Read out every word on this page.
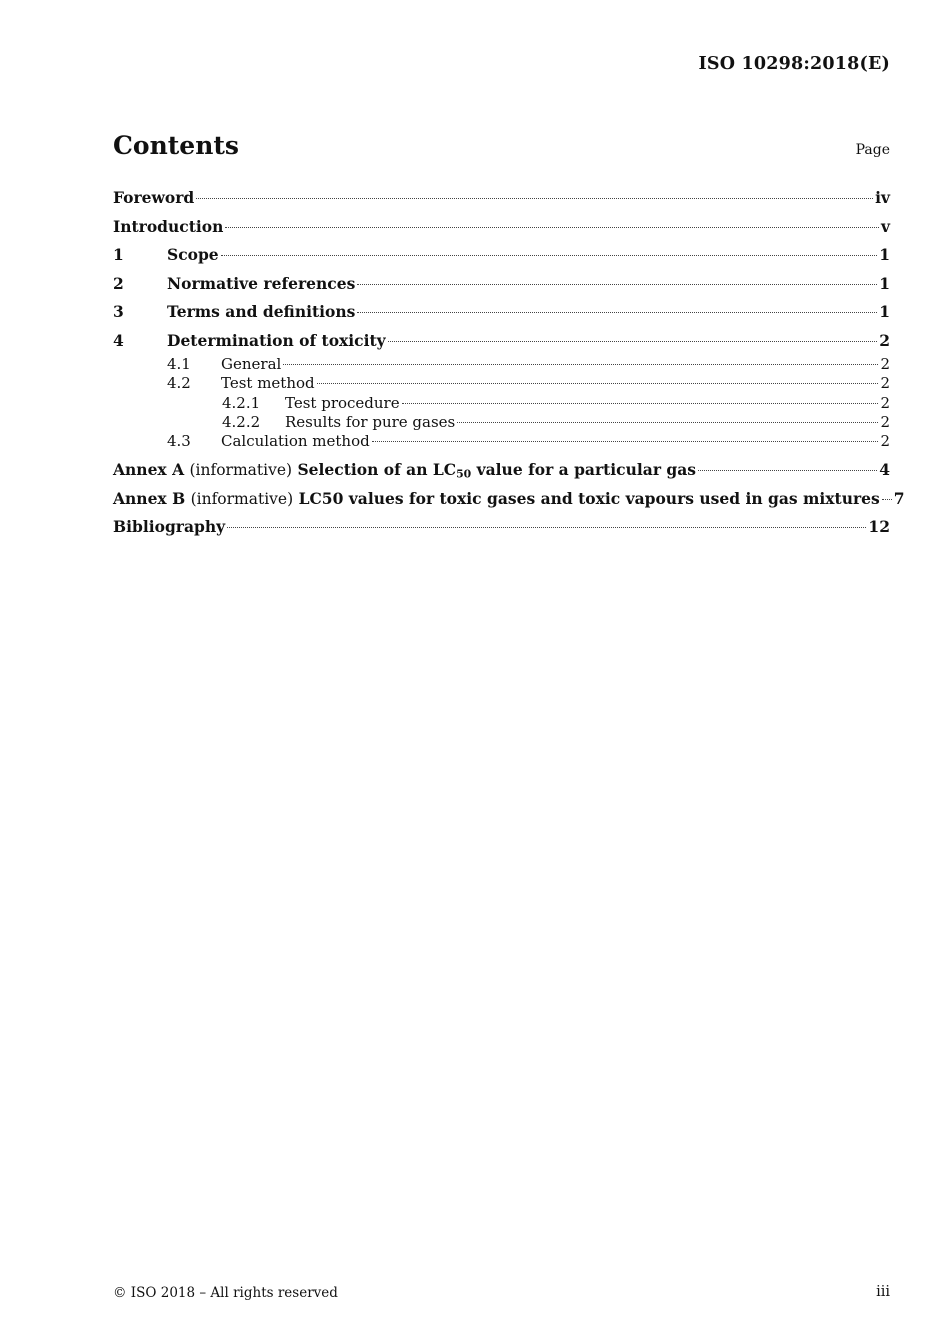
ISO 10298:2018(E)
Contents	Page
Foreword	iv
Introduction	v
1	Scope	1
2	Normative references	1
3	Terms and definitions	1
4	Determination of toxicity	2
4.1	General	2
4.2	Test method	2
4.2.1	Test procedure	2
4.2.2	Results for pure gases	2
4.3	Calculation method	2
Annex A (informative) Selection of an $LC_{50}$ value for a particular gas	4
Annex B (informative) LC50 values for toxic gases and toxic vapours used in gas mixtures 7
Bibliography	12
© ISO 2018 – All rights reserved	iii
